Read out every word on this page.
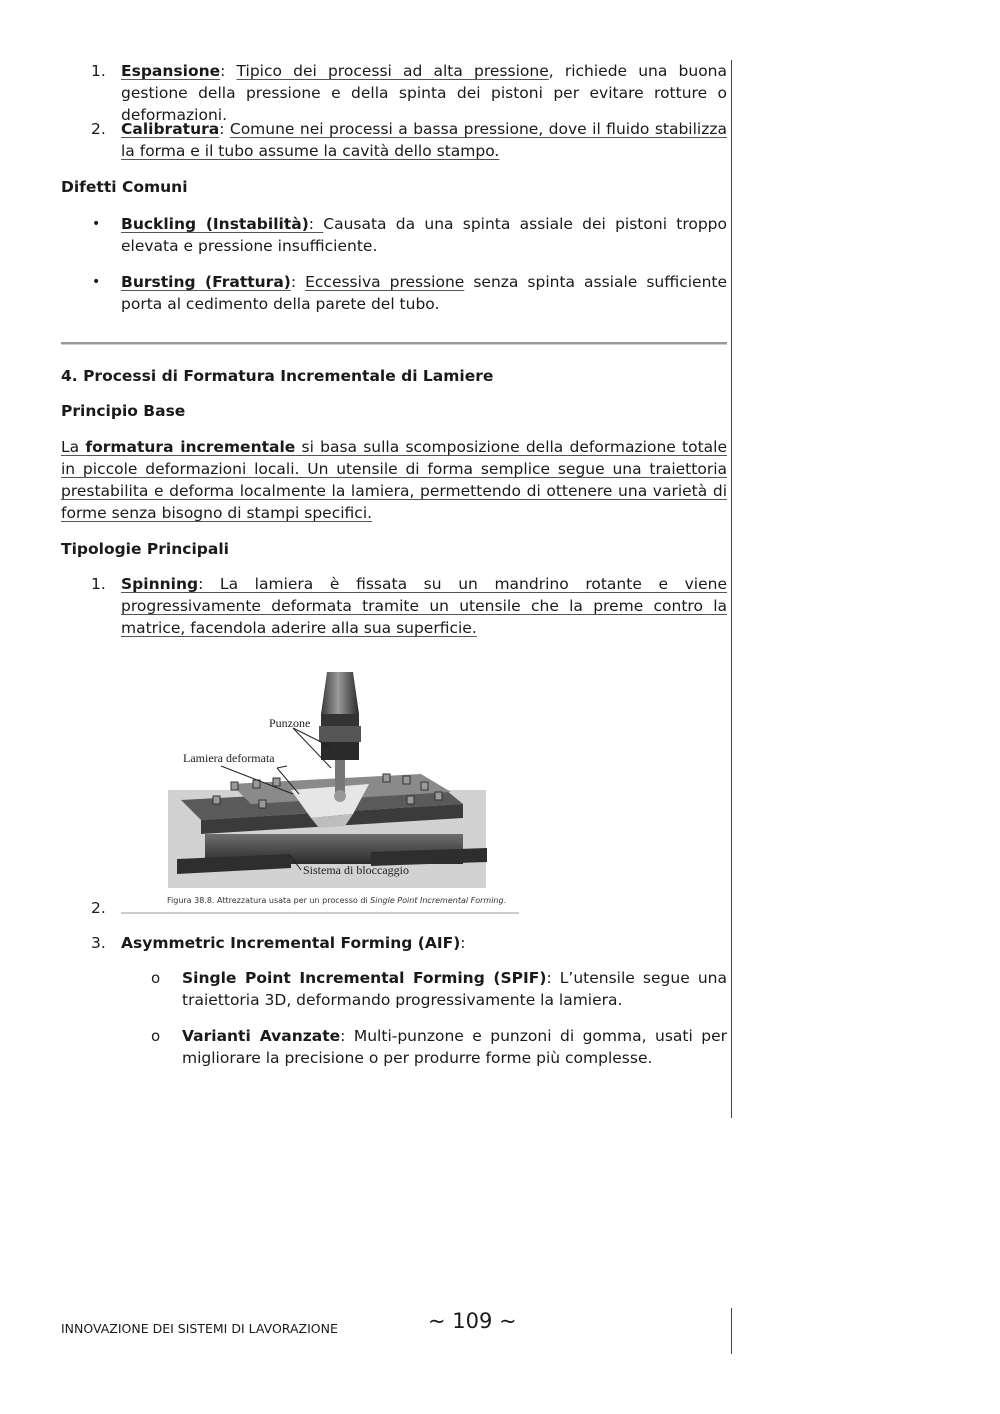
1. Espansione: Tipico dei processi ad alta pressione, richiede una buona gestione della pressione e della spinta dei pistoni per evitare rotture o deformazioni.

2. Calibratura: Comune nei processi a bassa pressione, dove il fluido stabilizza la forma e il tubo assume la cavità dello stampo.

Difetti Comuni

• Buckling (Instabilità): Causata da una spinta assiale dei pistoni troppo elevata e pressione insufficiente.

• Bursting (Frattura): Eccessiva pressione senza spinta assiale sufficiente porta al cedimento della parete del tubo.

4. Processi di Formatura Incrementale di Lamiere

Principio Base

La formatura incrementale si basa sulla scomposizione della deformazione totale in piccole deformazioni locali. Un utensile di forma semplice segue una traiettoria prestabilita e deforma localmente la lamiera, permettendo di ottenere una varietà di forme senza bisogno di stampi specifici.

Tipologie Principali

1. Spinning: La lamiera è fissata su un mandrino rotante e viene progressivamente deformata tramite un utensile che la preme contro la matrice, facendola aderire alla sua superficie.

Punzone
Lamiera deformata
Sistema di bloccaggio
Figura 38.8. Attrezzatura usata per un processo di Single Point Incremental Forming.
2.
3. Asymmetric Incremental Forming (AIF):

o Single Point Incremental Forming (SPIF): L’utensile segue una traiettoria 3D, deformando progressivamente la lamiera.

o Varianti Avanzate: Multi-punzone e punzoni di gomma, usati per migliorare la precisione o per produrre forme più complesse.

INNOVAZIONE DEI SISTEMI DI LAVORAZIONE	~ 109 ~
